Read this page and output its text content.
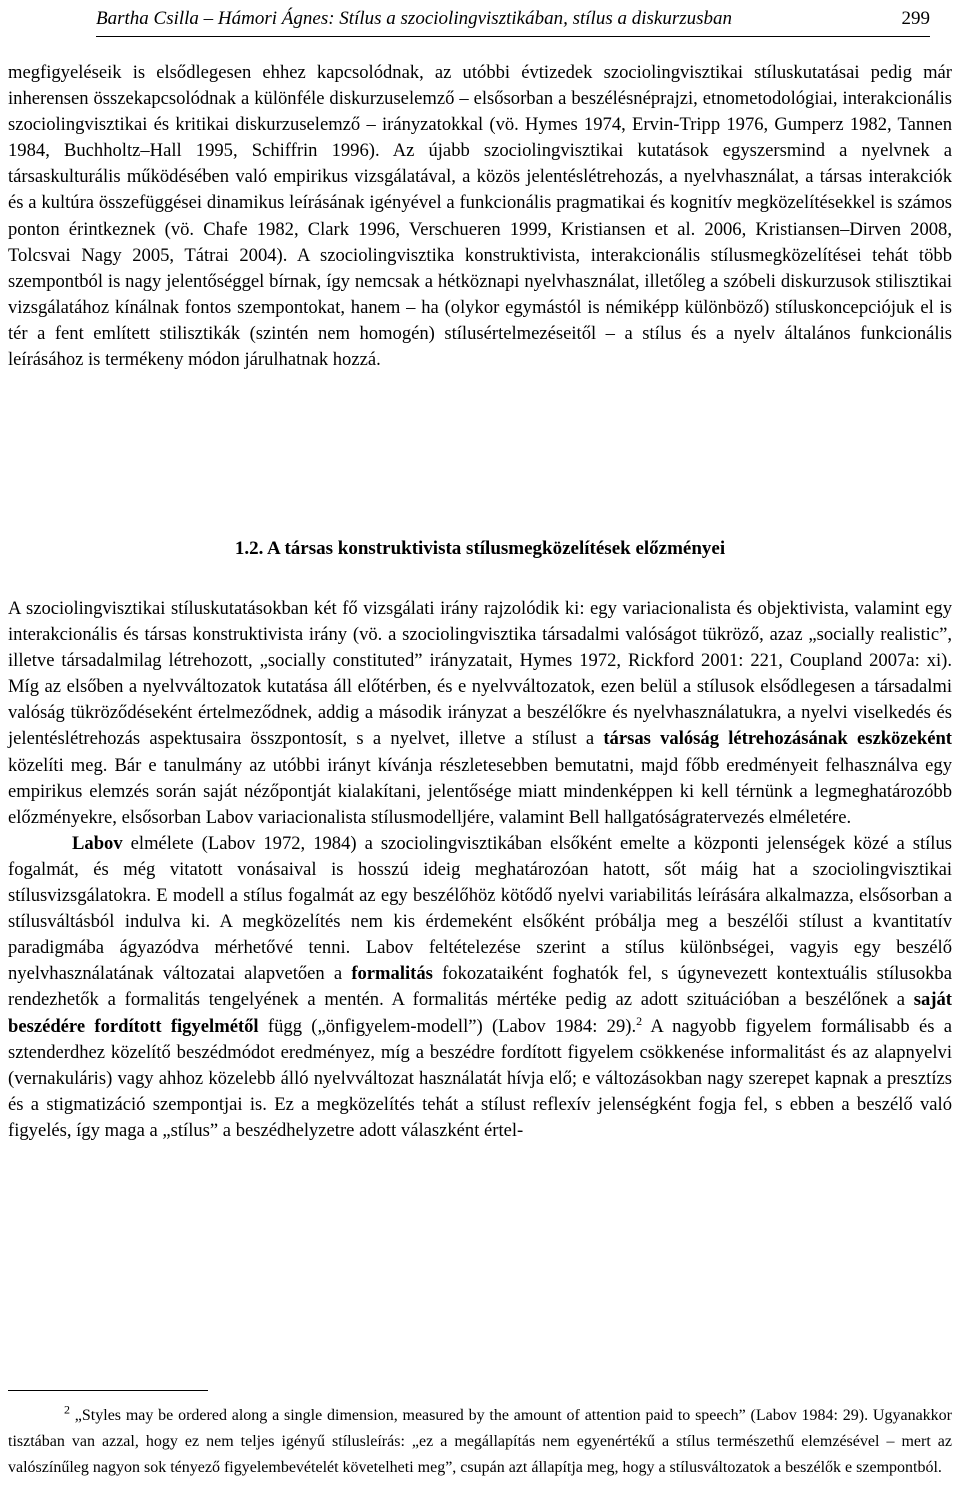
Bartha Csilla – Hámori Ágnes: Stílus a szociolingvisztikában, stílus a diskurzusban	299

megfigyeléseik is elsődlegesen ehhez kapcsolódnak, az utóbbi évtizedek szociolingvisztikai stíluskutatásai pedig már inherensen összekapcsolódnak a különféle diskurzuselemző – elsősorban a beszélésnéprajzi, etnometodológiai, interakcionális szociolingvisztikai és kritikai diskurzuselemző – irányzatokkal (vö. Hymes 1974, Ervin-Tripp 1976, Gumperz 1982, Tannen 1984, Buchholtz–Hall 1995, Schiffrin 1996). Az újabb szociolingvisztikai kutatások egyszersmind a nyelvnek a társaskulturális működésében való empirikus vizsgálatával, a közös jelentéslétrehozás, a nyelvhasználat, a társas interakciók és a kultúra összefüggései dinamikus leírásának igényével a funkcionális pragmatikai és kognitív megközelítésekkel is számos ponton érintkeznek (vö. Chafe 1982, Clark 1996, Verschueren 1999, Kristiansen et al. 2006, Kristiansen–Dirven 2008, Tolcsvai Nagy 2005, Tátrai 2004). A szociolingvisztika konstruktivista, interakcionális stílusmegközelítései tehát több szempontból is nagy jelentőséggel bírnak, így nemcsak a hétköznapi nyelvhasználat, illetőleg a szóbeli diskurzusok stilisztikai vizsgálatához kínálnak fontos szempontokat, hanem – ha (olykor egymástól is némiképp különböző) stíluskoncepciójuk el is tér a fent említett stilisztikák (szintén nem homogén) stílusértelmezéseitől – a stílus és a nyelv általános funkcionális leírásához is termékeny módon járulhatnak hozzá.

1.2. A társas konstruktivista stílusmegközelítések előzményei

A szociolingvisztikai stíluskutatásokban két fő vizsgálati irány rajzolódik ki: egy variacionalista és objektivista, valamint egy interakcionális és társas konstruktivista irány (vö. a szociolingvisztika társadalmi valóságot tükröző, azaz „socially realistic”, illetve társadalmilag létrehozott, „socially constituted” irányzatait, Hymes 1972, Rickford 2001: 221, Coupland 2007a: xi). Míg az elsőben a nyelvváltozatok kutatása áll előtérben, és e nyelvváltozatok, ezen belül a stílusok elsődlegesen a társadalmi valóság tükröződéseként értelmeződnek, addig a második irányzat a beszélőkre és nyelvhasználatukra, a nyelvi viselkedés és jelentéslétrehozás aspektusaira összpontosít, s a nyelvet, illetve a stílust a társas valóság létrehozásának eszközeként közelíti meg. Bár e tanulmány az utóbbi irányt kívánja részletesebben bemutatni, majd főbb eredményeit felhasználva egy empirikus elemzés során saját nézőpontját kialakítani, jelentősége miatt mindenképpen ki kell térnünk a legmeghatározóbb előzményekre, elsősorban Labov variacionalista stílusmodelljére, valamint Bell hallgatóságratervezés elméletére.

Labov elmélete (Labov 1972, 1984) a szociolingvisztikában elsőként emelte a központi jelenségek közé a stílus fogalmát, és még vitatott vonásaival is hosszú ideig meghatározóan hatott, sőt máig hat a szociolingvisztikai stílusvizsgálatokra. E modell a stílus fogalmát az egy beszélőhöz kötődő nyelvi variabilitás leírására alkalmazza, elsősorban a stílusváltásból indulva ki. A megközelítés nem kis érdemeként elsőként próbálja meg a beszélői stílust a kvantitatív paradigmába ágyazódva mérhetővé tenni. Labov feltételezése szerint a stílus különbségei, vagyis egy beszélő nyelvhasználatának változatai alapvetően a formalitás fokozataiként foghatók fel, s úgynevezett kontextuális stílusokba rendezhetők a formalitás tengelyének a mentén. A formalitás mértéke pedig az adott szituációban a beszélőnek a saját beszédére fordított figyelmétől függ („önfigyelem-modell”) (Labov 1984: 29).$^2$ A nagyobb figyelem formálisabb és a sztenderdhez közelítő beszédmódot eredményez, míg a beszédre fordított figyelem csökkenése informalitást és az alapnyelvi (vernakuláris) vagy ahhoz közelebb álló nyelvváltozat használatát hívja elő; e változásokban nagy szerepet kapnak a presztízs és a stigmatizáció szempontjai is. Ez a megközelítés tehát a stílust reflexív jelenségként fogja fel, s ebben a beszélő való figyelés, így maga a „stílus” a beszédhelyzetre adott válaszként értel-

$^2$ „Styles may be ordered along a single dimension, measured by the amount of attention paid to speech” (Labov 1984: 29). Ugyanakkor tisztában van azzal, hogy ez nem teljes igényű stílusleírás: „ez a megállapítás nem egyenértékű a stílus természethű elemzésével – mert az valószínűleg nagyon sok tényező figyelembevételét követelheti meg”, csupán azt állapítja meg, hogy a stílusváltozatok a beszélők e szempontból.
